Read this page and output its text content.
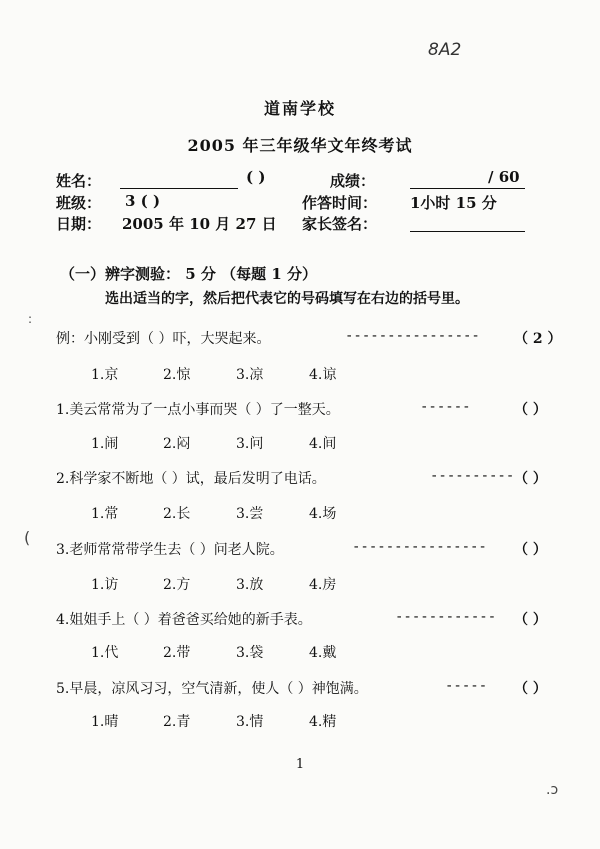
8A2
道南学校
2005 年三年级华文年终考试
姓名：	( )	成绩：	/ 60
班级： 3 ( )	作答时间： 1小时 15 分
日期： 2005 年 10 月 27 日 家长签名：
（一）辨字测验： 5 分 （每题 1 分）
选出适当的字，然后把代表它的号码填写在右边的括号里。
:
(
例：小刚受到（ ）吓，大哭起来。	---------------- （ 2 ）
1.京	2.惊	3.凉	4.谅
1.美云常常为了一点小事而哭（ ）了一整天。	------	（ ）
1.闹	2.闷	3.问	4.间
2.科学家不断地（ ）试，最后发明了电话。	---------- （ ）
1.常	2.长	3.尝	4.场
3.老师常常带学生去（ ）问老人院。	---------------- （ ）
1.访	2.方	3.放	4.房
4.姐姐手上（ ）着爸爸买给她的新手表。	------------ （ ）
1.代	2.带	3.袋	4.戴
5.早晨，凉风习习，空气清新，使人（ ）神饱满。	----- （ ）
1.晴	2.青	3.情	4.精
1
.ɔ
